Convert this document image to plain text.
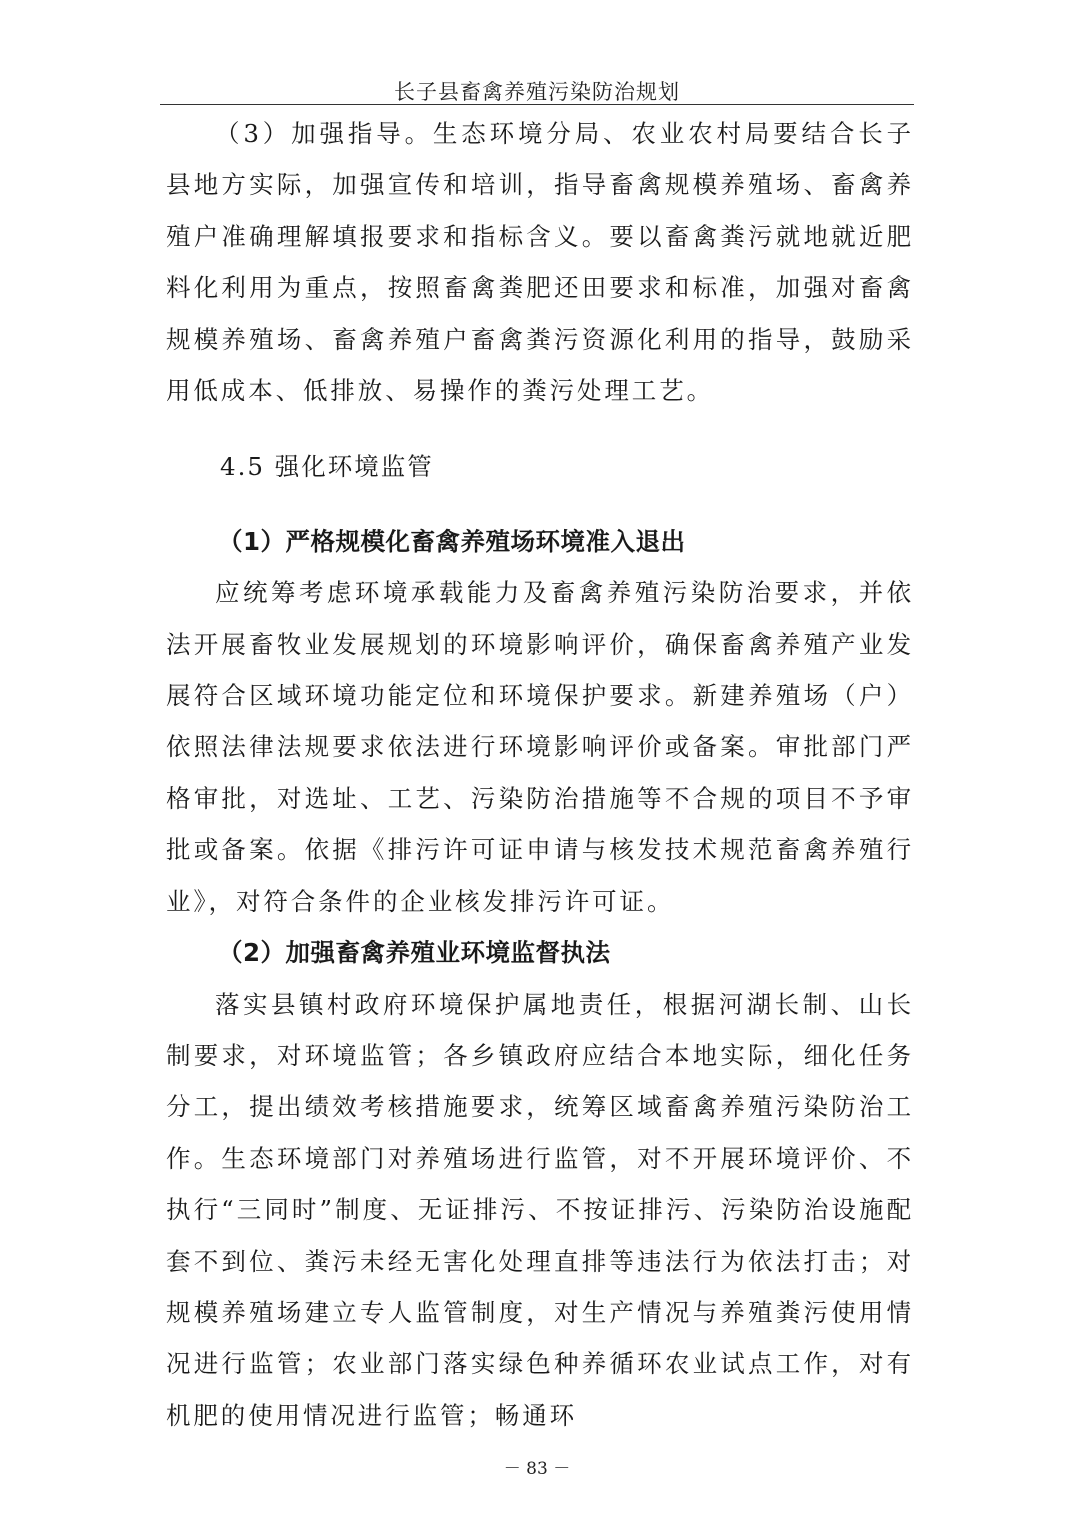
长子县畜禽养殖污染防治规划

（3）加强指导。生态环境分局、农业农村局要结合长子县地方实际，加强宣传和培训，指导畜禽规模养殖场、畜禽养殖户准确理解填报要求和指标含义。要以畜禽粪污就地就近肥料化利用为重点，按照畜禽粪肥还田要求和标准，加强对畜禽规模养殖场、畜禽养殖户畜禽粪污资源化利用的指导，鼓励采用低成本、低排放、易操作的粪污处理工艺。

4.5 强化环境监管
（1）严格规模化畜禽养殖场环境准入退出

应统筹考虑环境承载能力及畜禽养殖污染防治要求，并依法开展畜牧业发展规划的环境影响评价，确保畜禽养殖产业发展符合区域环境功能定位和环境保护要求。新建养殖场（户）依照法律法规要求依法进行环境影响评价或备案。审批部门严格审批，对选址、工艺、污染防治措施等不合规的项目不予审批或备案。依据《排污许可证申请与核发技术规范畜禽养殖行业》，对符合条件的企业核发排污许可证。

（2）加强畜禽养殖业环境监督执法

落实县镇村政府环境保护属地责任，根据河湖长制、山长制要求，对环境监管；各乡镇政府应结合本地实际，细化任务分工，提出绩效考核措施要求，统筹区域畜禽养殖污染防治工作。生态环境部门对养殖场进行监管，对不开展环境评价、不执行“三同时”制度、无证排污、不按证排污、污染防治设施配套不到位、粪污未经无害化处理直排等违法行为依法打击；对规模养殖场建立专人监管制度，对生产情况与养殖粪污使用情况进行监管；农业部门落实绿色种养循环农业试点工作，对有机肥的使用情况进行监管；畅通环

－ 83 －
